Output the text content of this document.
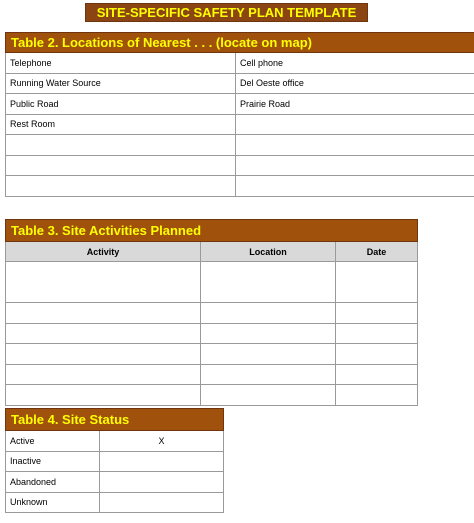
SITE-SPECIFIC SAFETY PLAN TEMPLATE
Table 2. Locations of Nearest . . . (locate on map)	
Telephone	Cell phone
Running Water Source	Del Oeste office
Public Road	Prairie Road
Rest Room	

Table 3. Site Activities Planned		
Activity	Location	Date

Table 4. Site Status	
Active	X
Inactive	
Abandoned	
Unknown	
